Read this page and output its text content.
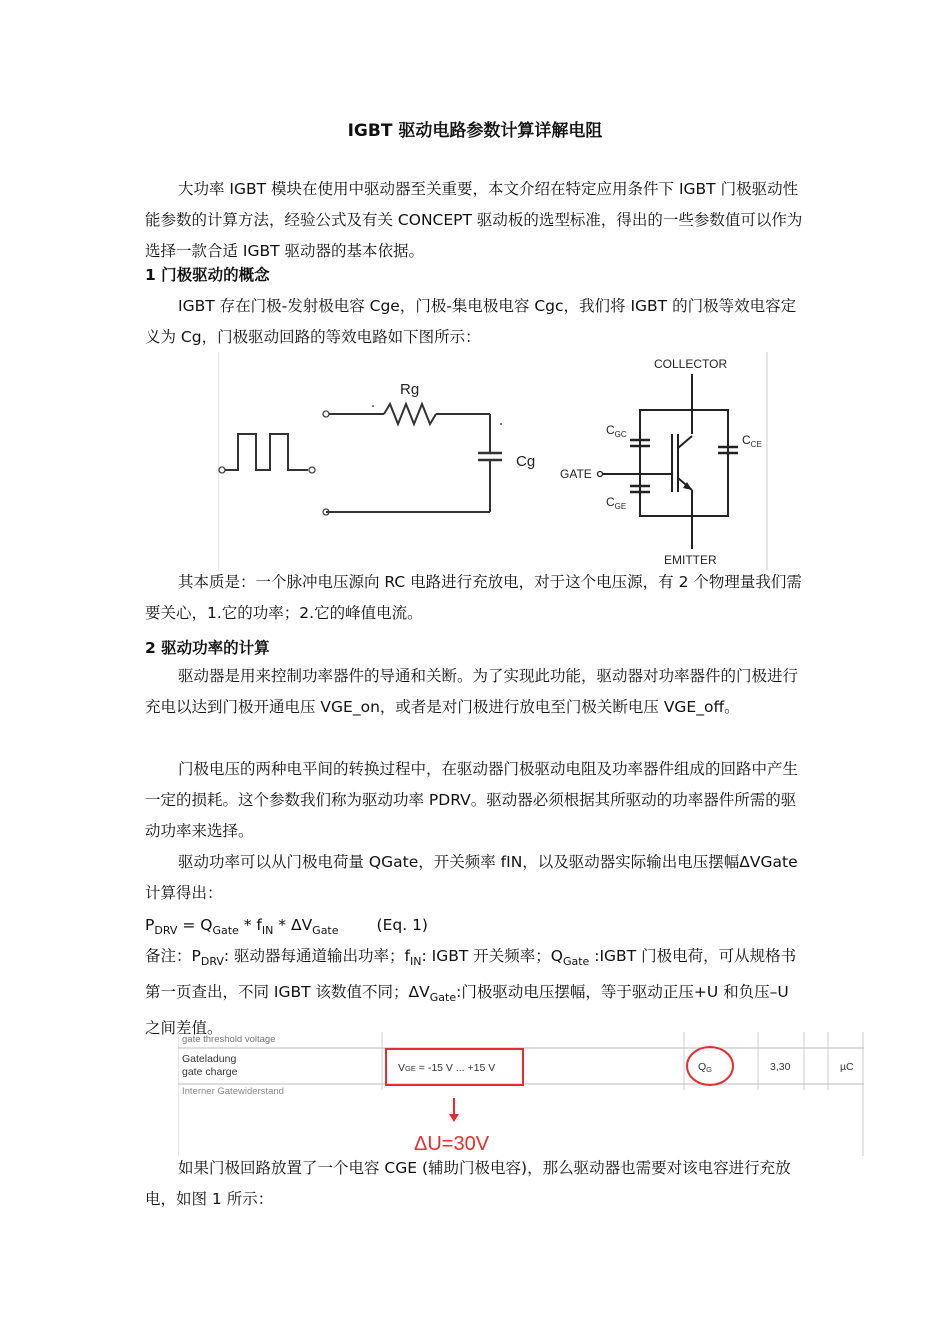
IGBT 驱动电路参数计算详解电阻

大功率 IGBT 模块在使用中驱动器至关重要，本文介绍在特定应用条件下 IGBT 门极驱动性能参数的计算方法，经验公式及有关 CONCEPT 驱动板的选型标准，得出的一些参数值可以作为选择一款合适 IGBT 驱动器的基本依据。

1 门极驱动的概念

IGBT 存在门极-发射极电容 Cge，门极-集电极电容 Cgc，我们将 IGBT 的门极等效电容定义为 Cg，门极驱动回路的等效电路如下图所示：

Rg
Cg
COLLECTOR
EMITTER
GATE
$C_{GC}$
$C_{GE}$
$C_{CE}$

其本质是：一个脉冲电压源向 RC 电路进行充放电，对于这个电压源，有 2 个物理量我们需要关心，1.它的功率；2.它的峰值电流。

2 驱动功率的计算

驱动器是用来控制功率器件的导通和关断。为了实现此功能，驱动器对功率器件的门极进行充电以达到门极开通电压 VGE_on，或者是对门极进行放电至门极关断电压 VGE_off。

门极电压的两种电平间的转换过程中，在驱动器门极驱动电阻及功率器件组成的回路中产生一定的损耗。这个参数我们称为驱动功率 PDRV。驱动器必须根据其所驱动的功率器件所需的驱动功率来选择。

驱动功率可以从门极电荷量 QGate，开关频率 fIN，以及驱动器实际输出电压摆幅ΔVGate 计算得出：

$P_{DRV} = Q_{Gate} * f_{IN} * \Delta V_{Gate}$ (Eq. 1)

备注：$P_{DRV}$: 驱动器每通道输出功率；$f_{IN}$: IGBT 开关频率；$Q_{Gate}$ :IGBT 门极电荷，可从规格书第一页查出，不同 IGBT 该数值不同；$\Delta V_{Gate}$:门极驱动电压摆幅，等于驱动正压+U 和负压–U 之间差值。

gate threshold voltage
Gateladung
gate charge
Interner Gatewiderstand
VGE = -15 V ... +15 V	QG	3,30	µC
ΔU=30V

如果门极回路放置了一个电容 CGE (辅助门极电容)，那么驱动器也需要对该电容进行充放电，如图 1 所示：
